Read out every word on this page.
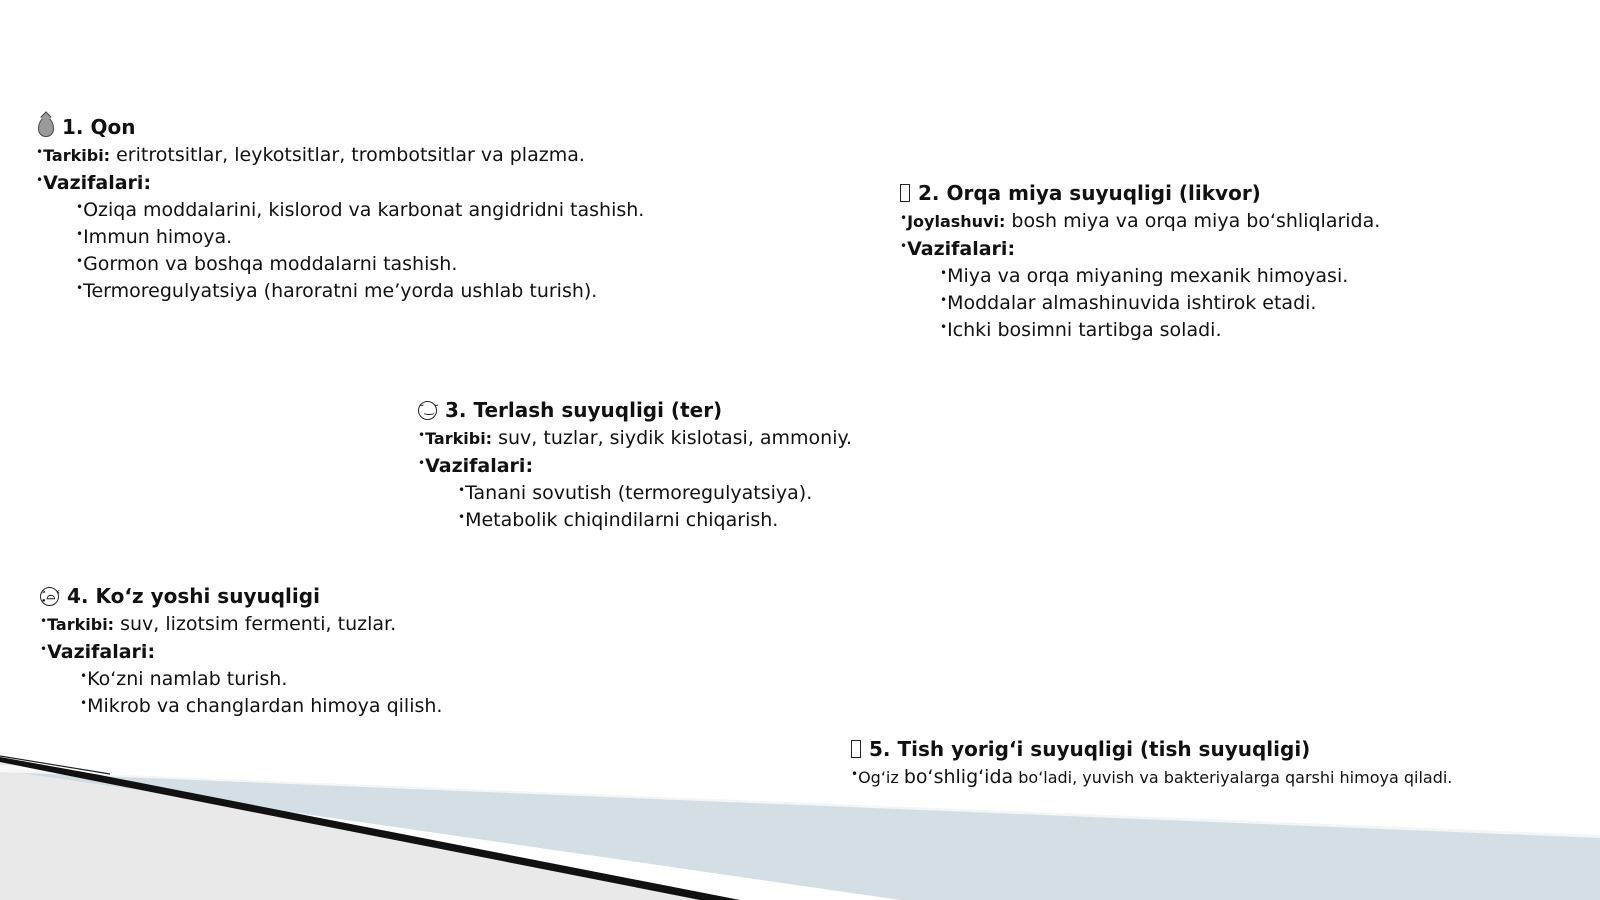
1. Qon
•Tarkibi: eritrotsitlar, leykotsitlar, trombotsitlar va plazma.
•Vazifalari:
•Oziqa moddalarini, kislorod va karbonat angidridni tashish.
•Immun himoya.
•Gormon va boshqa moddalarni tashish.
•Termoregulyatsiya (haroratni me’yorda ushlab turish).
2. Orqa miya suyuqligi (likvor)
•Joylashuvi: bosh miya va orqa miya bo‘shliqlarida.
•Vazifalari:
•Miya va orqa miyaning mexanik himoyasi.
•Moddalar almashinuvida ishtirok etadi.
•Ichki bosimni tartibga soladi.
˘‿˘ 3. Terlash suyuqligi (ter)
•Tarkibi: suv, tuzlar, siydik kislotasi, ammoniy.
•Vazifalari:
•Tanani sovutish (termoregulyatsiya).
•Metabolik chiqindilarni chiqarish.
˃̣̣̥⌓˂ 4. Ko‘z yoshi suyuqligi
•Tarkibi: suv, lizotsim fermenti, tuzlar.
•Vazifalari:
•Ko‘zni namlab turish.
•Mikrob va changlardan himoya qilish.
5. Tish yorig‘i suyuqligi (tish suyuqligi)
•Og‘iz bo‘shlig‘ida bo‘ladi, yuvish va bakteriyalarga qarshi himoya qiladi.
